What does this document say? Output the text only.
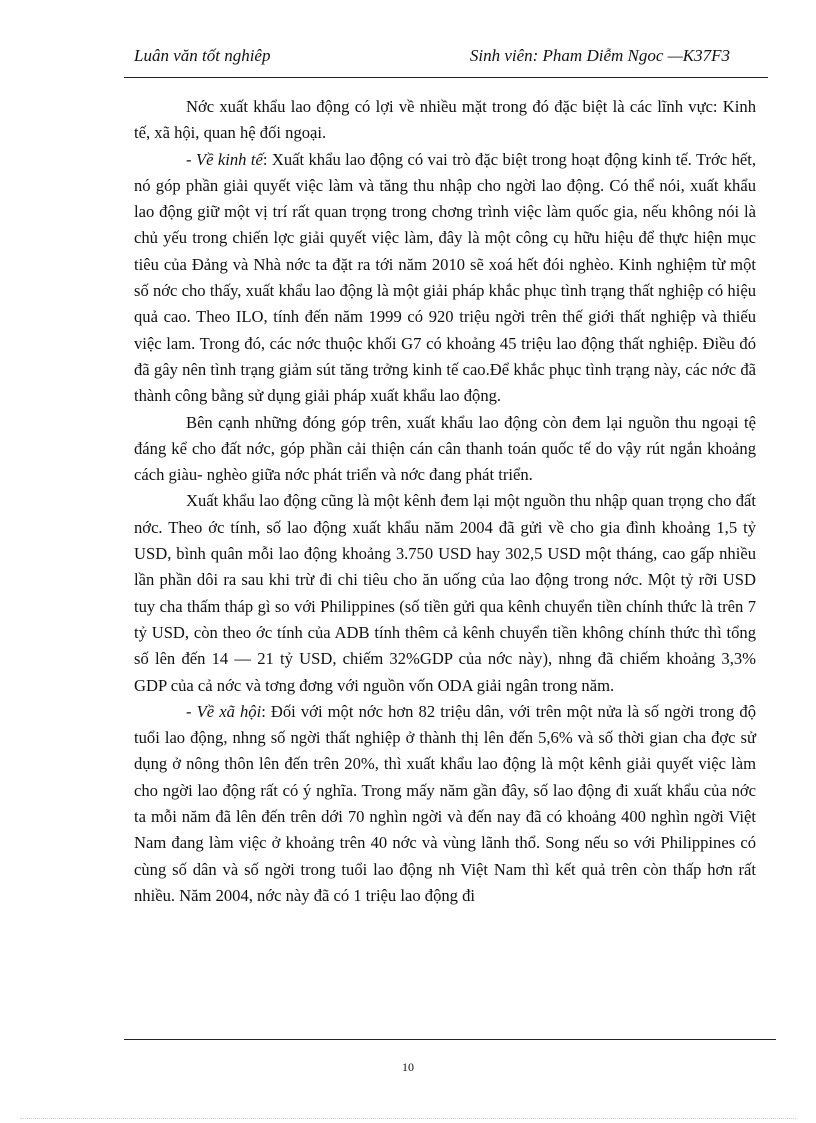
Luân văn tốt nghiêp	Sinh viên: Pham Diễm Ngoc —K37F3

Nớc xuất khẩu lao động có lợi về nhiều mặt trong đó đặc biệt là các lĩnh vực: Kinh tế, xã hội, quan hệ đối ngoại.

- Về kinh tế: Xuất khẩu lao động có vai trò đặc biệt trong hoạt động kinh tế. Trớc hết, nó góp phần giải quyết việc làm và tăng thu nhập cho ngời lao động. Có thể nói, xuất khẩu lao động giữ một vị trí rất quan trọng trong chơng trình việc làm quốc gia, nếu không nói là chủ yếu trong chiến lợc giải quyết việc làm, đây là một công cụ hữu hiệu để thực hiện mục tiêu của Đảng và Nhà nớc ta đặt ra tới năm 2010 sẽ xoá hết đói nghèo. Kinh nghiệm từ một số nớc cho thấy, xuất khẩu lao động là một giải pháp khắc phục tình trạng thất nghiệp có hiệu quả cao. Theo ILO, tính đến năm 1999 có 920 triệu ngời trên thế giới thất nghiệp và thiếu việc lam. Trong đó, các nớc thuộc khối G7 có khoảng 45 triệu lao động thất nghiệp. Điều đó đã gây nên tình trạng giảm sút tăng trởng kinh tế cao.Để khắc phục tình trạng này, các nớc đã thành công bằng sử dụng giải pháp xuất khẩu lao động.

Bên cạnh những đóng góp trên, xuất khẩu lao động còn đem lại nguồn thu ngoại tệ đáng kể cho đất nớc, góp phần cải thiện cán cân thanh toán quốc tế do vậy rút ngắn khoảng cách giàu- nghèo giữa nớc phát triển và nớc đang phát triển.

Xuất khẩu lao động cũng là một kênh đem lại một nguồn thu nhập quan trọng cho đất nớc. Theo ớc tính, số lao động xuất khẩu năm 2004 đã gửi về cho gia đình khoảng 1,5 tỷ USD, bình quân mỗi lao động khoảng 3.750 USD hay 302,5 USD một tháng, cao gấp nhiều lần phần dôi ra sau khi trừ đi chi tiêu cho ăn uống của lao động trong nớc. Một tỷ rỡi USD tuy cha thấm tháp gì so với Philippines (số tiền gửi qua kênh chuyển tiền chính thức là trên 7 tỷ USD, còn theo ớc tính của ADB tính thêm cả kênh chuyển tiền không chính thức thì tổng số lên đến 14 — 21 tỷ USD, chiếm 32%GDP của nớc này), nhng đã chiếm khoảng 3,3% GDP của cả nớc và tơng đơng với nguồn vốn ODA giải ngân trong năm.

- Về xã hội: Đối với một nớc hơn 82 triệu dân, với trên một nửa là số ngời trong độ tuổi lao động, nhng số ngời thất nghiệp ở thành thị lên đến 5,6% và số thời gian cha đợc sử dụng ở nông thôn lên đến trên 20%, thì xuất khẩu lao động là một kênh giải quyết việc làm cho ngời lao động rất có ý nghĩa. Trong mấy năm gần đây, số lao động đi xuất khẩu của nớc ta mỗi năm đã lên đến trên dới 70 nghìn ngời và đến nay đã có khoảng 400 nghìn ngời Việt Nam đang làm việc ở khoảng trên 40 nớc và vùng lãnh thổ. Song nếu so với Philippines có cùng số dân và số ngời trong tuổi lao động nh Việt Nam thì kết quả trên còn thấp hơn rất nhiều. Năm 2004, nớc này đã có 1 triệu lao động đi

10
